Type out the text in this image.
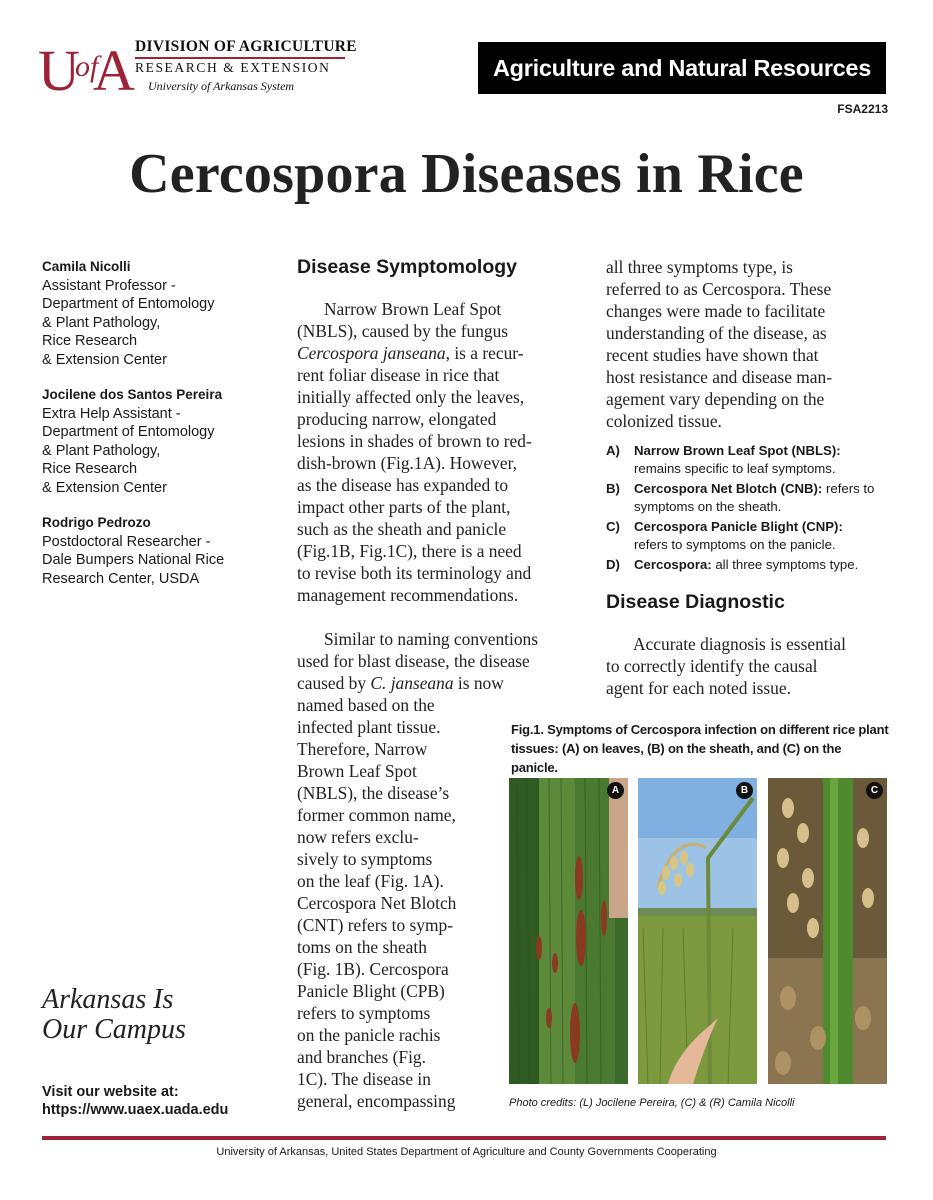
U
of
A DIVISION OF AGRICULTURE
RESEARCH & EXTENSION
University of Arkansas System
Agriculture and Natural Resources
FSA2213
Cercospora Diseases in Rice
Camila Nicolli
Assistant Professor -
Department of Entomology
& Plant Pathology,
Rice Research
& Extension Center
Jocilene dos Santos Pereira
Extra Help Assistant -
Department of Entomology
& Plant Pathology,
Rice Research
& Extension Center
Rodrigo Pedrozo
Postdoctoral Researcher -
Dale Bumpers National Rice
Research Center, USDA
Arkansas Is
Our Campus
Visit our website at:
https://www.uaex.uada.edu
Disease Symptomology
Narrow Brown Leaf Spot
(NBLS), caused by the fungus
Cercospora janseana, is a recur-
rent foliar disease in rice that
initially affected only the leaves,
producing narrow, elongated
lesions in shades of brown to red-
dish-brown (Fig.1A). However,
as the disease has expanded to
impact other parts of the plant,
such as the sheath and panicle
(Fig.1B, Fig.1C), there is a need
to revise both its terminology and
management recommendations.
Similar to naming conventions
used for blast disease, the disease
caused by C. janseana is now
named based on the
infected plant tissue.
Therefore, Narrow
Brown Leaf Spot
(NBLS), the disease’s
former common name,
now refers exclu-
sively to symptoms
on the leaf (Fig. 1A).
Cercospora Net Blotch
(CNT) refers to symp-
toms on the sheath
(Fig. 1B). Cercospora
Panicle Blight (CPB)
refers to symptoms
on the panicle rachis
and branches (Fig.
1C). The disease in
general, encompassing
all three symptoms type, is
referred to as Cercospora. These
changes were made to facilitate
understanding of the disease, as
recent studies have shown that
host resistance and disease man-
agement vary depending on the
colonized tissue.
A)	Narrow Brown Leaf Spot (NBLS):
remains specific to leaf symptoms.
B)	Cercospora Net Blotch (CNB): refers to
symptoms on the sheath.
C)	Cercospora Panicle Blight (CNP):
refers to symptoms on the panicle.
D)	Cercospora: all three symptoms type.
Disease Diagnostic
Accurate diagnosis is essential
to correctly identify the causal
agent for each noted issue.
Fig.1. Symptoms of Cercospora infection on different rice plant
tissues: (A) on leaves, (B) on the sheath, and (C) on the panicle.
A	B	C
Photo credits: (L) Jocilene Pereira, (C) & (R) Camila Nicolli
University of Arkansas, United States Department of Agriculture and County Governments Cooperating
